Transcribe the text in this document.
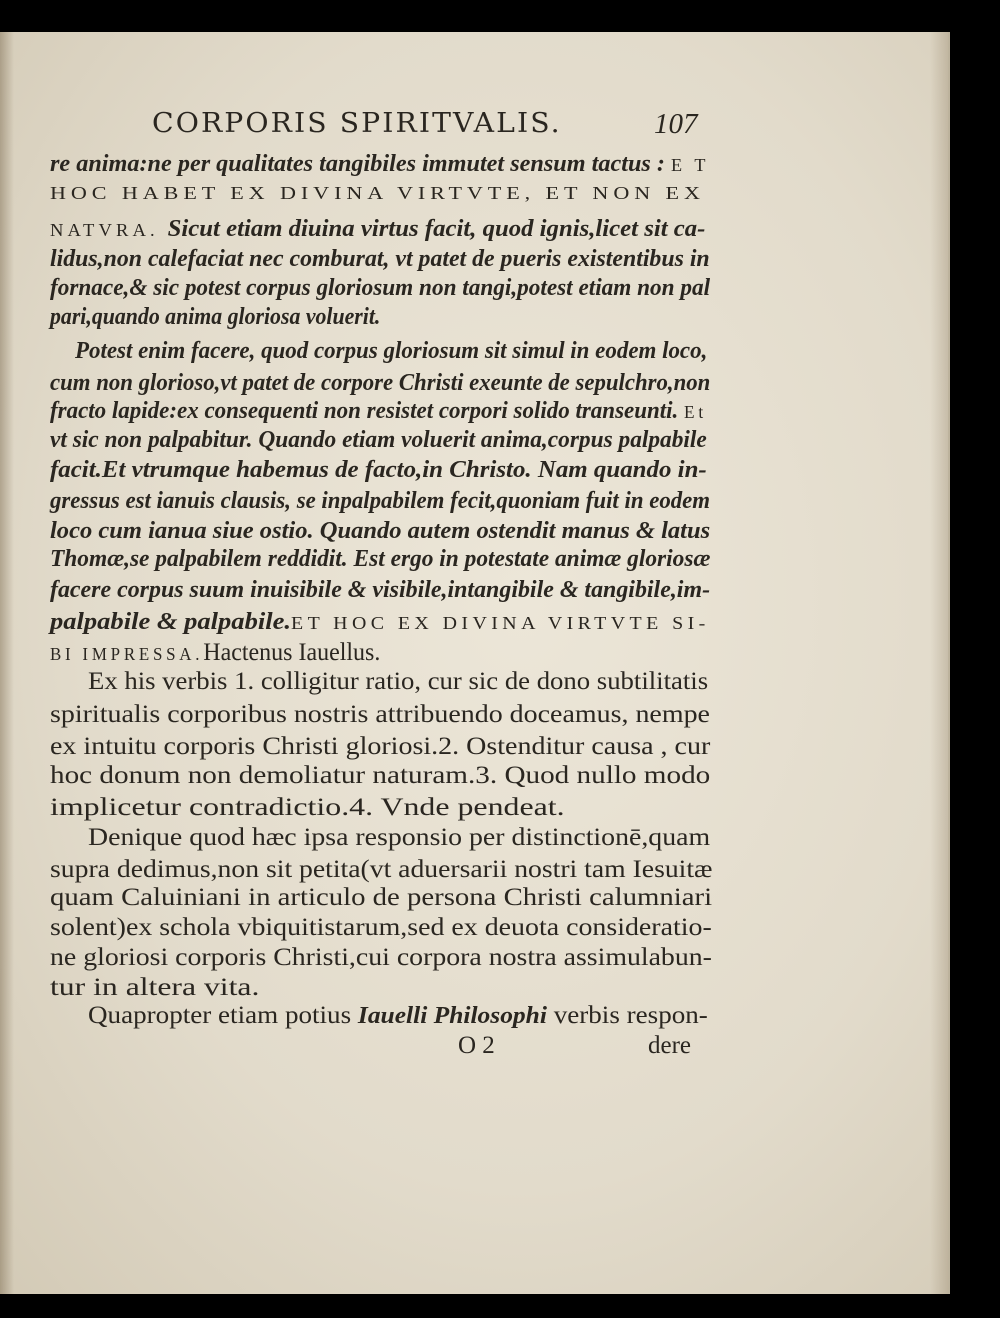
CORPORIS SPIRITVALIS.	107

O 2	dere

re anima:ne per qualitates tangibiles immutet sensum tactus : E T

HOC HABET EX DIVINA VIRTVTE, ET NON EX

NATVRA. Sicut etiam diuina virtus facit, quod ignis,licet sit ca-

lidus,non calefaciat nec comburat, vt patet de pueris existentibus in

fornace,& sic potest corpus gloriosum non tangi,potest etiam non pal

pari,quando anima gloriosa voluerit.

Potest enim facere, quod corpus gloriosum sit simul in eodem loco,

cum non glorioso,vt patet de corpore Christi exeunte de sepulchro,non

fracto lapide:ex consequenti non resistet corpori solido transeunti. Et

vt sic non palpabitur. Quando etiam voluerit anima,corpus palpabile

facit.Et vtrumque habemus de facto,in Christo. Nam quando in-

gressus est ianuis clausis, se inpalpabilem fecit,quoniam fuit in eodem

loco cum ianua siue ostio. Quando autem ostendit manus & latus

Thomæ,se palpabilem reddidit. Est ergo in potestate animæ gloriosæ

facere corpus suum inuisibile & visibile,intangibile & tangibile,im-

palpabile & palpabile.ET HOC EX DIVINA VIRTVTE SI-

BI IMPRESSA.Hactenus Iauellus.

Ex his verbis 1. colligitur ratio, cur sic de dono subtilitatis

spiritualis corporibus nostris attribuendo doceamus, nempe

ex intuitu corporis Christi gloriosi.2. Ostenditur causa , cur

hoc donum non demoliatur naturam.3. Quod nullo modo

implicetur contradictio.4. Vnde pendeat.

Denique quod hæc ipsa responsio per distinctionē,quam

supra dedimus,non sit petita(vt aduersarii nostri tam Iesuitæ

quam Caluiniani in articulo de persona Christi calumniari

solent)ex schola vbiquitistarum,sed ex deuota consideratio-

ne gloriosi corporis Christi,cui corpora nostra assimulabun-

tur in altera vita.

Quapropter etiam potius Iauelli Philosophi verbis respon-
